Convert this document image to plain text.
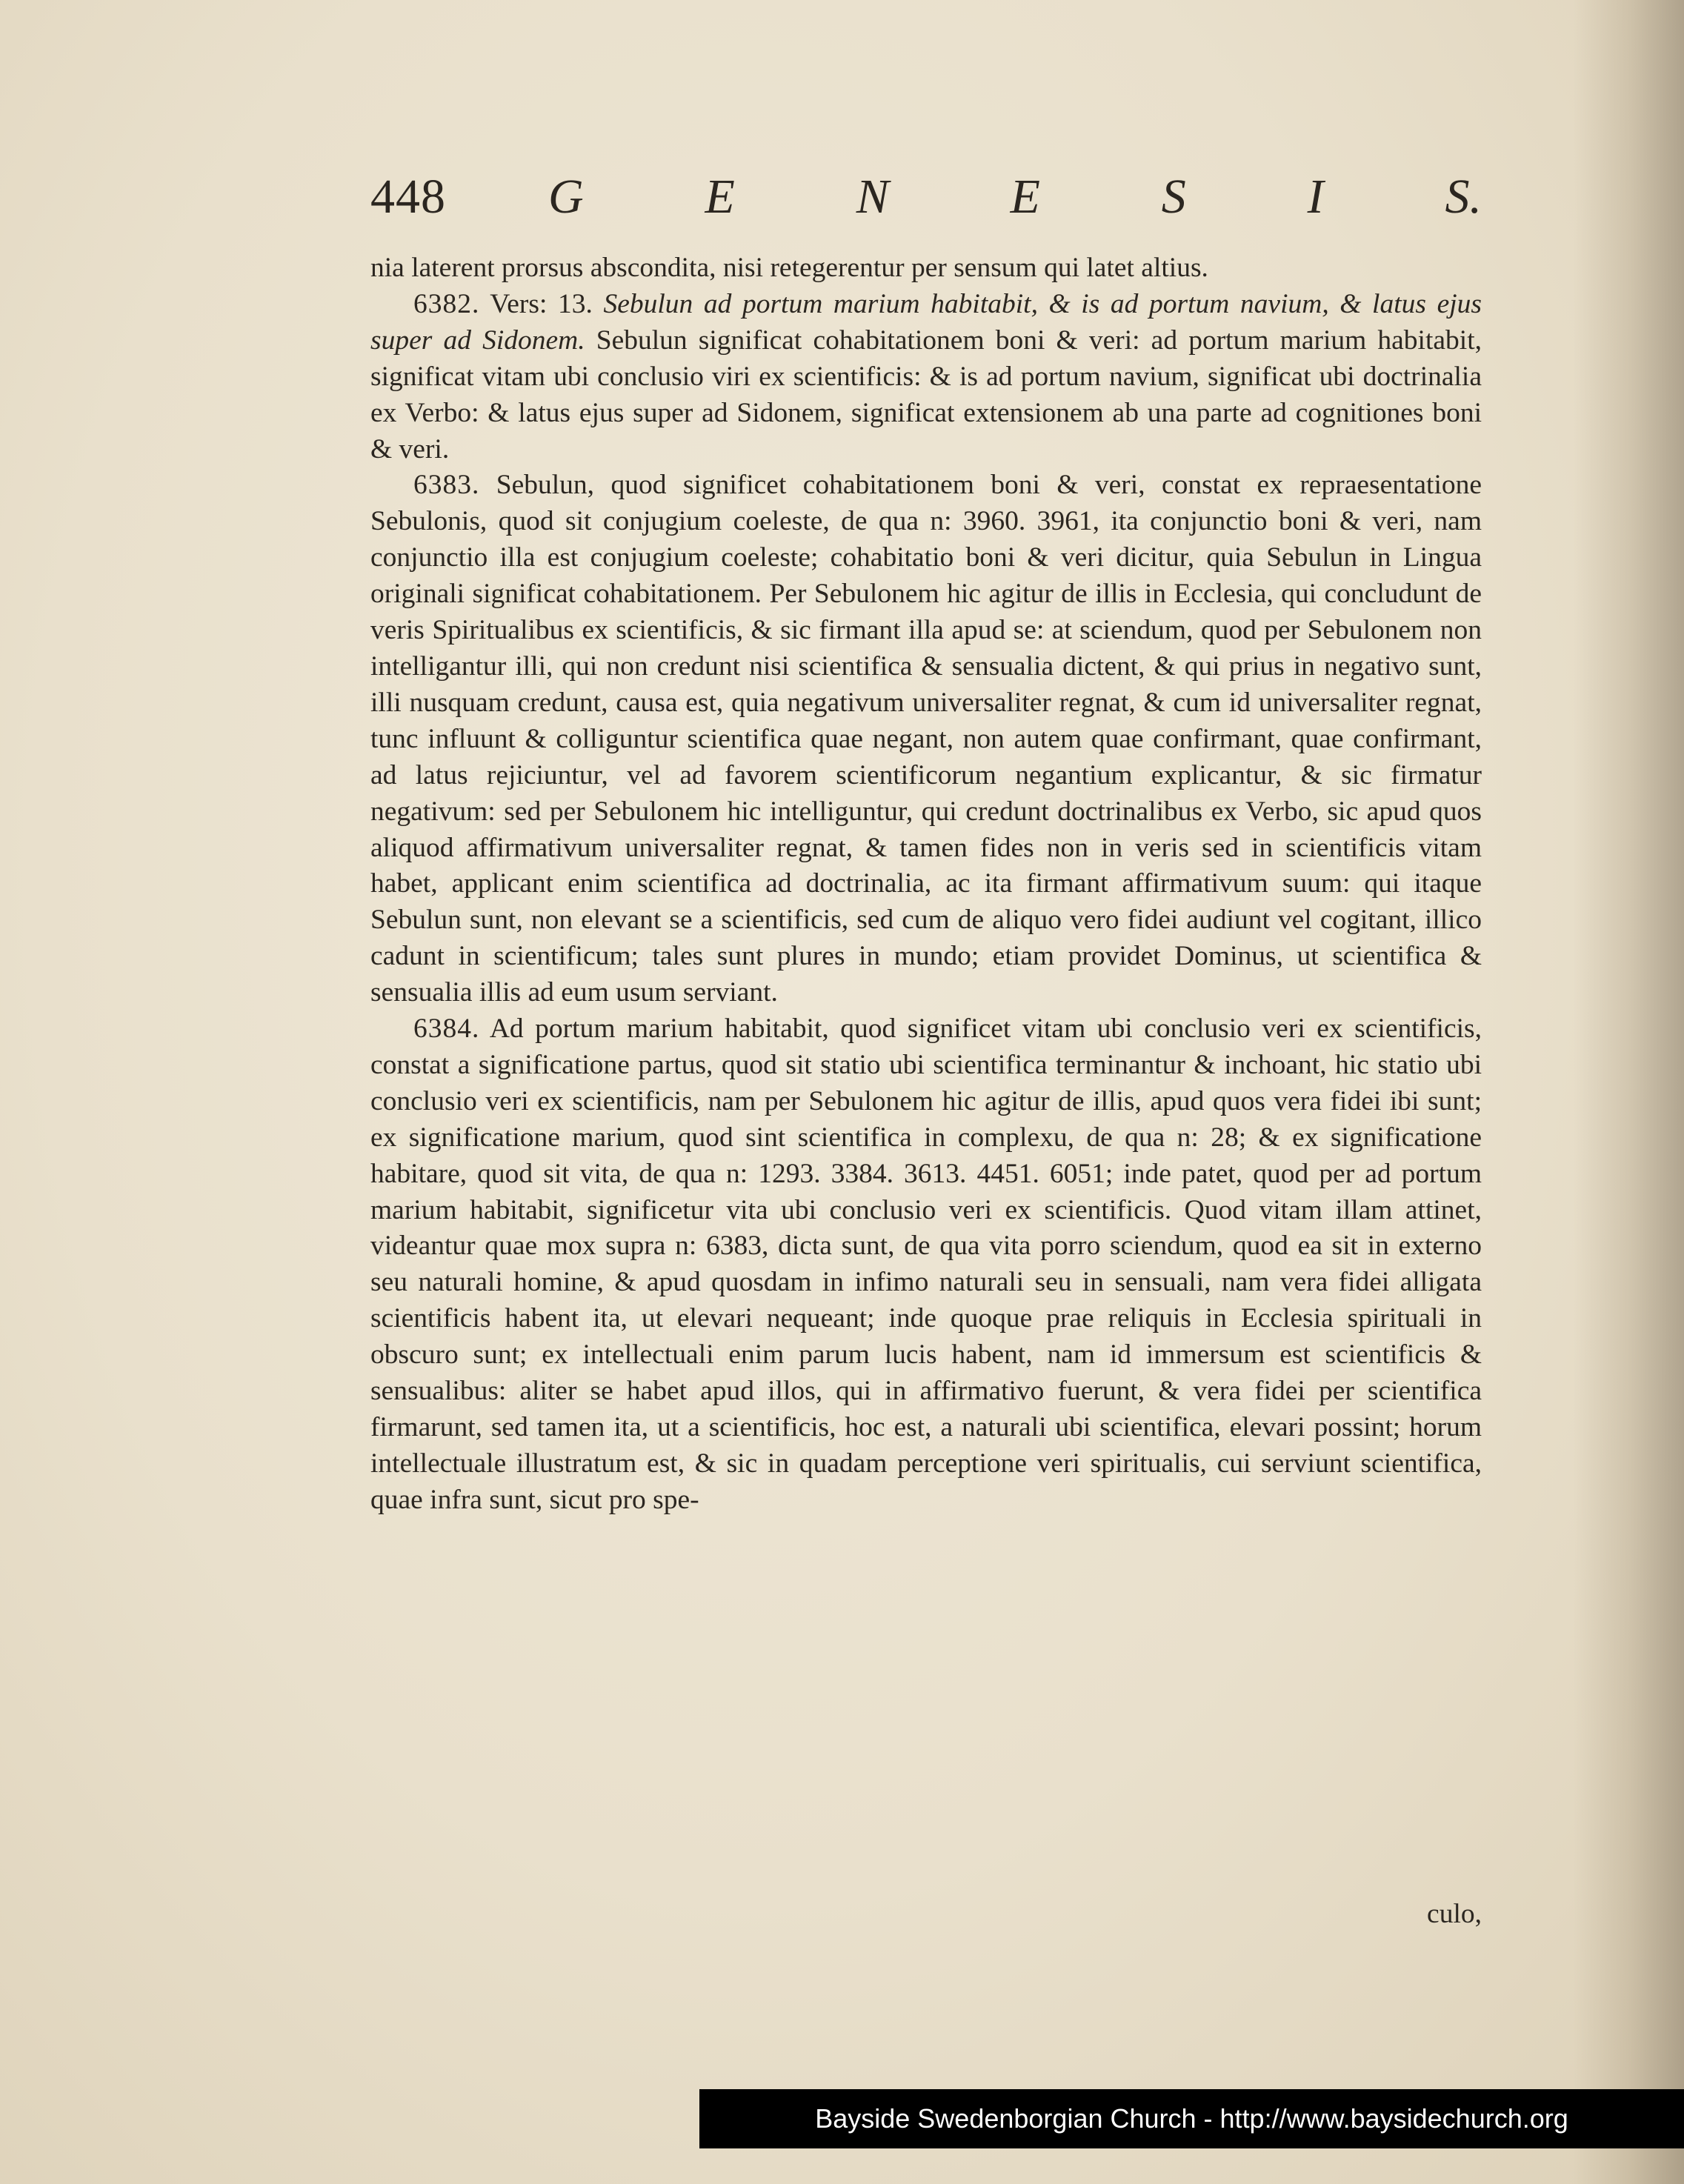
448 G E N E S I S.

nia laterent prorsus abscondita, nisi retegerentur per sensum qui latet altius.

6382. Vers: 13. Sebulun ad portum marium habitabit, & is ad portum navium, & latus ejus super ad Sidonem. Sebulun significat cohabitationem boni & veri: ad portum marium habitabit, significat vitam ubi conclusio viri ex scientificis: & is ad portum navium, significat ubi doctrinalia ex Verbo: & latus ejus super ad Sidonem, significat extensionem ab una parte ad cognitiones boni & veri.

6383. Sebulun, quod significet cohabitationem boni & veri, constat ex repraesentatione Sebulonis, quod sit conjugium coeleste, de qua n: 3960. 3961, ita conjunctio boni & veri, nam conjunctio illa est conjugium coeleste; cohabitatio boni & veri dicitur, quia Sebulun in Lingua originali significat cohabitationem. Per Sebulonem hic agitur de illis in Ecclesia, qui concludunt de veris Spiritualibus ex scientificis, & sic firmant illa apud se: at sciendum, quod per Sebulonem non intelligantur illi, qui non credunt nisi scientifica & sensualia dictent, & qui prius in negativo sunt, illi nusquam credunt, causa est, quia negativum universaliter regnat, & cum id universaliter regnat, tunc influunt & colliguntur scientifica quae negant, non autem quae confirmant, quae confirmant, ad latus rejiciuntur, vel ad favorem scientificorum negantium explicantur, & sic firmatur negativum: sed per Sebulonem hic intelliguntur, qui credunt doctrinalibus ex Verbo, sic apud quos aliquod affirmativum universaliter regnat, & tamen fides non in veris sed in scientificis vitam habet, applicant enim scientifica ad doctrinalia, ac ita firmant affirmativum suum: qui itaque Sebulun sunt, non elevant se a scientificis, sed cum de aliquo vero fidei audiunt vel cogitant, illico cadunt in scientificum; tales sunt plures in mundo; etiam providet Dominus, ut scientifica & sensualia illis ad eum usum serviant.

6384. Ad portum marium habitabit, quod significet vitam ubi conclusio veri ex scientificis, constat a significatione partus, quod sit statio ubi scientifica terminantur & inchoant, hic statio ubi conclusio veri ex scientificis, nam per Sebulonem hic agitur de illis, apud quos vera fidei ibi sunt; ex significatione marium, quod sint scientifica in complexu, de qua n: 28; & ex significatione habitare, quod sit vita, de qua n: 1293. 3384. 3613. 4451. 6051; inde patet, quod per ad portum marium habitabit, significetur vita ubi conclusio veri ex scientificis. Quod vitam illam attinet, videantur quae mox supra n: 6383, dicta sunt, de qua vita porro sciendum, quod ea sit in externo seu naturali homine, & apud quosdam in infimo naturali seu in sensuali, nam vera fidei alligata scientificis habent ita, ut elevari nequeant; inde quoque prae reliquis in Ecclesia spirituali in obscuro sunt; ex intellectuali enim parum lucis habent, nam id immersum est scientificis & sensualibus: aliter se habet apud illos, qui in affirmativo fuerunt, & vera fidei per scientifica firmarunt, sed tamen ita, ut a scientificis, hoc est, a naturali ubi scientifica, elevari possint; horum intellectuale illustratum est, & sic in quadam perceptione veri spiritualis, cui serviunt scientifica, quae infra sunt, sicut pro spe-

culo,
Bayside Swedenborgian Church - http://www.baysidechurch.org
